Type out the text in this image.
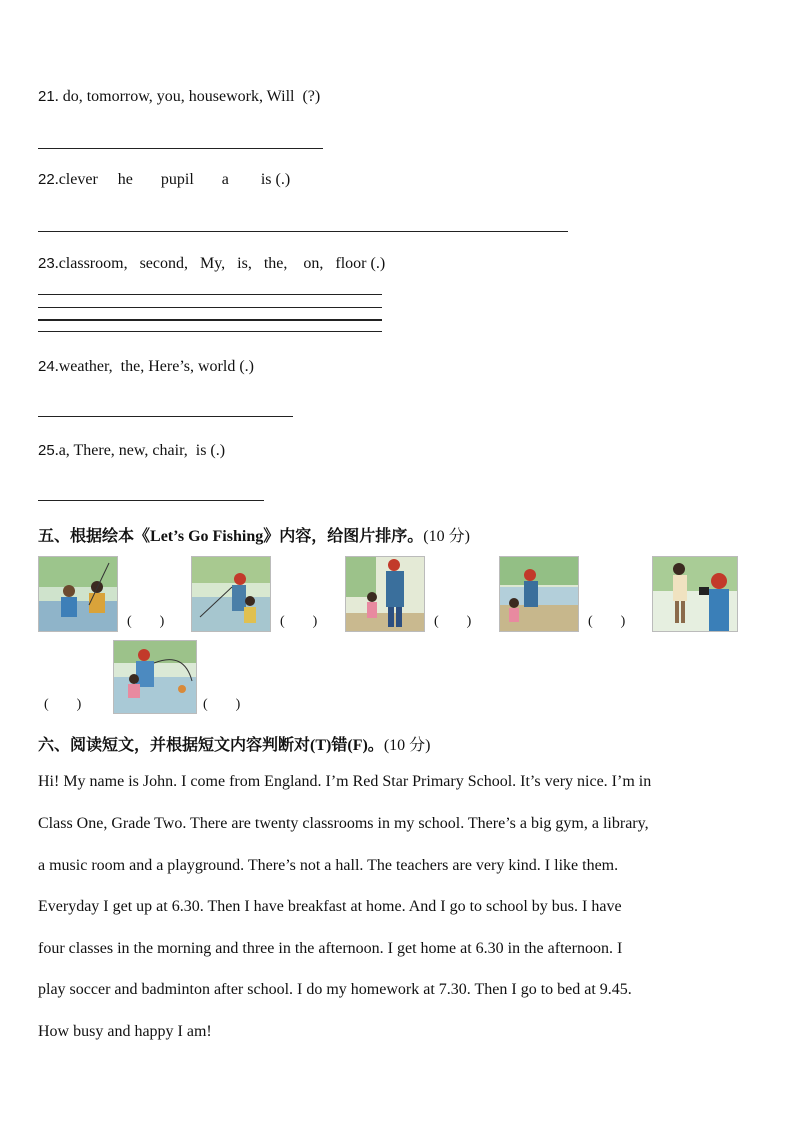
21. do, tomorrow, you, housework, Will  (?)
22.clever     he       pupil       a        is (.)
23.classroom,   second,   My,   is,   the,    on,   floor (.)
24.weather,  the, Here’s, world (.)
25.a, There, new, chair,  is (.)
五、根据绘本《Let’s Go Fishing》内容，给图片排序。(10 分)
(        )	(        )	(        )	(        )
(        )	(        )
六、阅读短文，并根据短文内容判断对(T)错(F)。(10 分)
Hi! My name is John. I come from England. I’m Red Star Primary School. It’s very nice. I’m in
Class One, Grade Two. There are twenty classrooms in my school. There’s a big gym, a library,
a music room and a playground. There’s not a hall. The teachers are very kind. I like them.
Everyday I get up at 6.30. Then I have breakfast at home. And I go to school by bus. I have
four classes in the morning and three in the afternoon. I get home at 6.30 in the afternoon. I
play soccer and badminton after school. I do my homework at 7.30. Then I go to bed at 9.45.
How busy and happy I am!
